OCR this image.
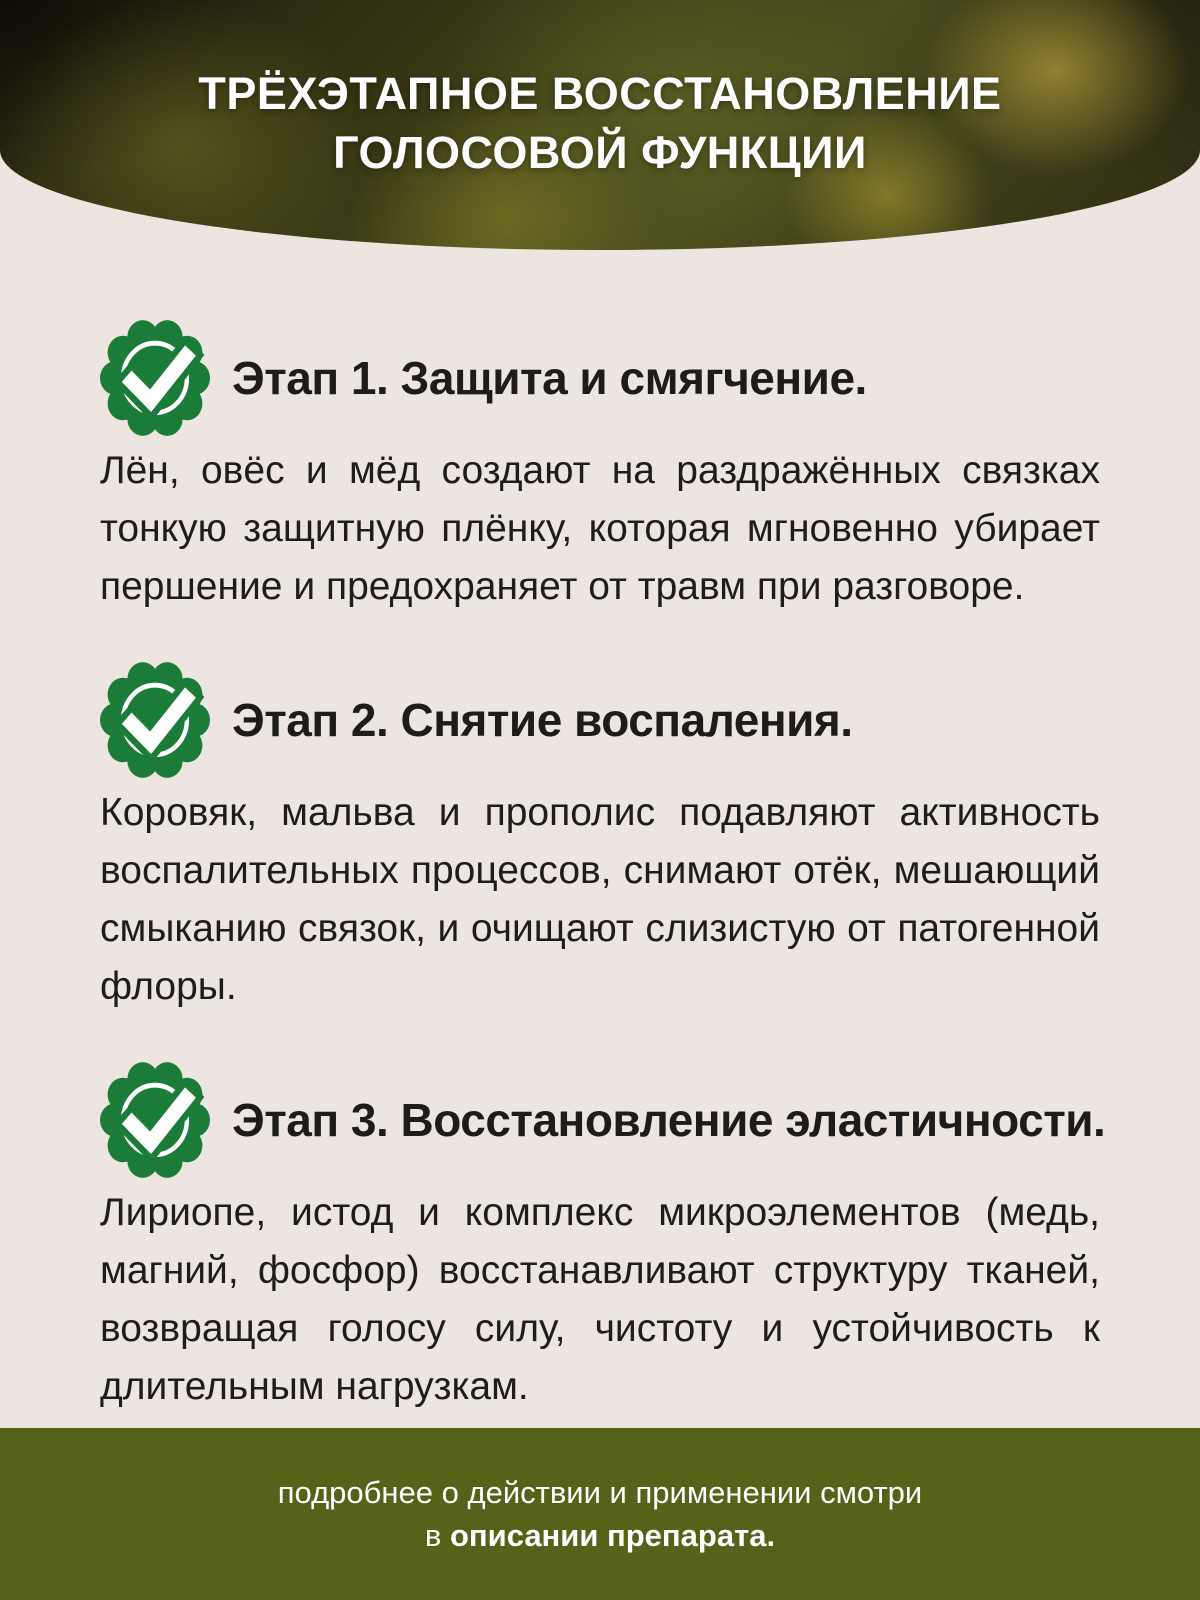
ТРЁХЭТАПНОЕ ВОССТАНОВЛЕНИЕ
ГОЛОСОВОЙ ФУНКЦИИ
Этап 1. Защита и смягчение.

Лён, овёс и мёд создают на раздражённых связках тонкую защитную плёнку, которая мгновенно убирает першение и предохраняет от травм при разговоре.

Этап 2. Снятие воспаления.

Коровяк, мальва и прополис подавляют активность воспалительных процессов, снимают отёк, мешающий смыканию связок, и очищают слизистую от патогенной флоры.

Этап 3. Восстановление эластичности.

Лириопе, истод и комплекс микроэлементов (медь, магний, фосфор) восстанавливают структуру тканей, возвращая голосу силу, чистоту и устойчивость к длительным нагрузкам.

подробнее о действии и применении смотри

в описании препарата.
